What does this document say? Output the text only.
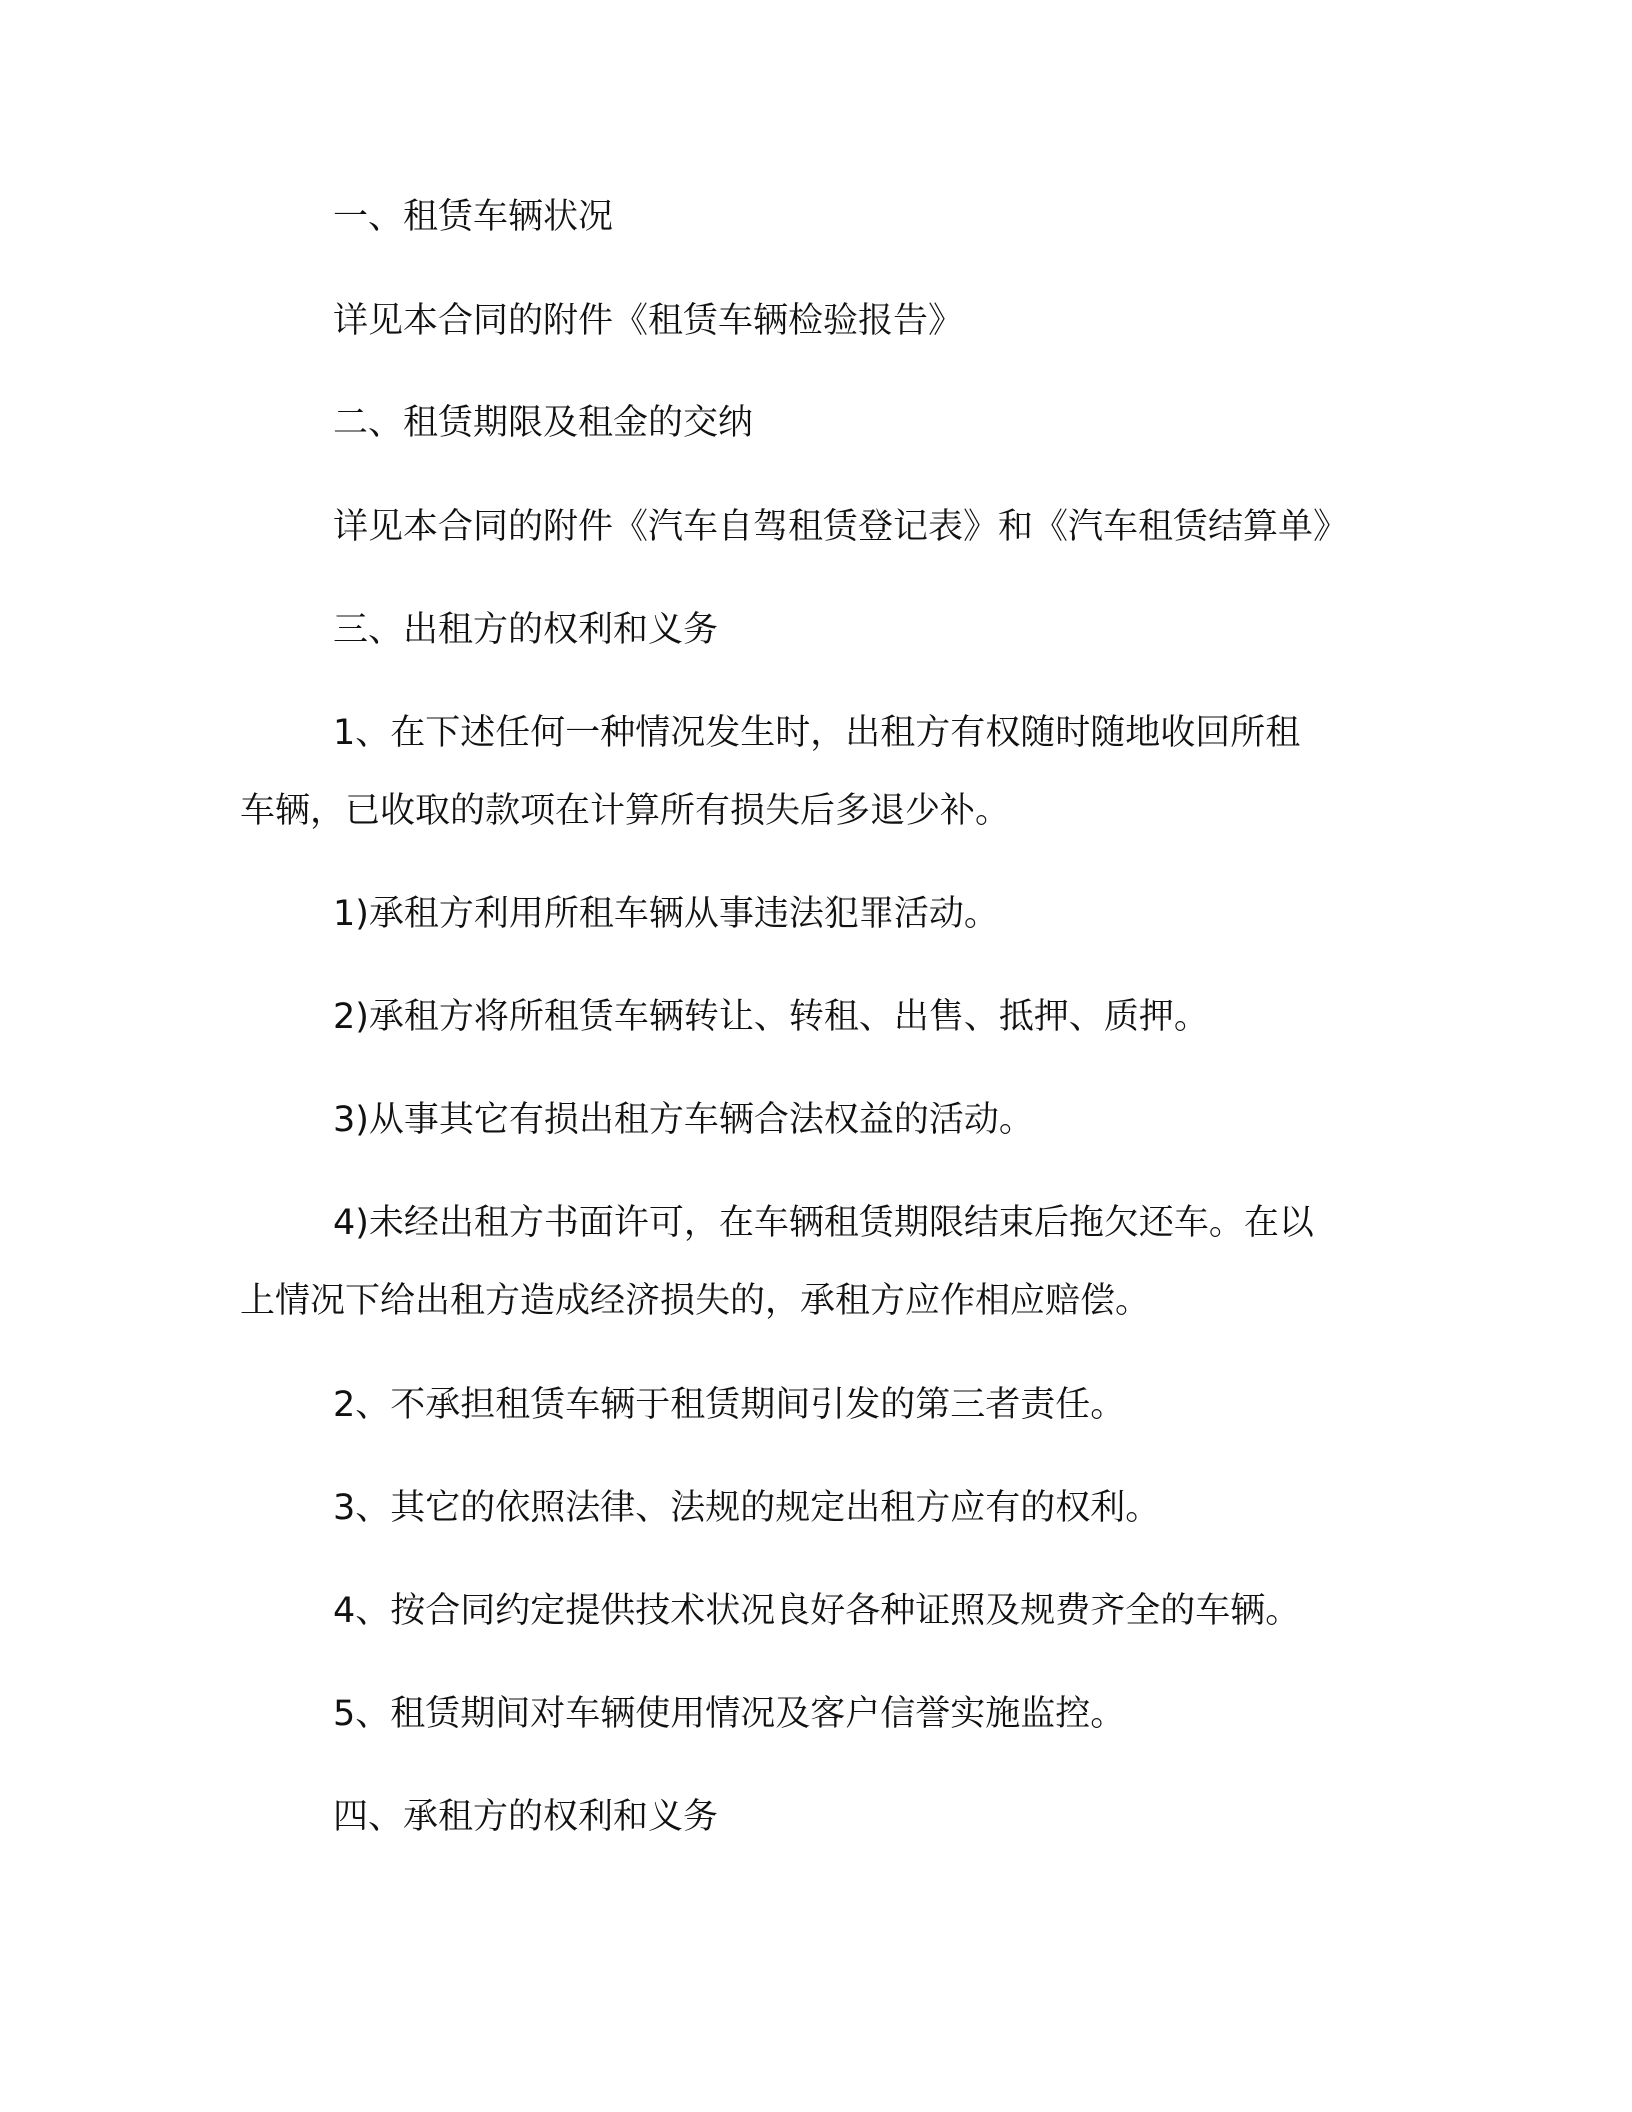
一、租赁车辆状况

详见本合同的附件《租赁车辆检验报告》

二、租赁期限及租金的交纳

详见本合同的附件《汽车自驾租赁登记表》和《汽车租赁结算单》

三、出租方的权利和义务

1、在下述任何一种情况发生时，出租方有权随时随地收回所租

车辆，已收取的款项在计算所有损失后多退少补。

1)承租方利用所租车辆从事违法犯罪活动。

2)承租方将所租赁车辆转让、转租、出售、抵押、质押。

3)从事其它有损出租方车辆合法权益的活动。

4)未经出租方书面许可，在车辆租赁期限结束后拖欠还车。在以

上情况下给出租方造成经济损失的，承租方应作相应赔偿。

2、不承担租赁车辆于租赁期间引发的第三者责任。

3、其它的依照法律、法规的规定出租方应有的权利。

4、按合同约定提供技术状况良好各种证照及规费齐全的车辆。

5、租赁期间对车辆使用情况及客户信誉实施监控。

四、承租方的权利和义务
